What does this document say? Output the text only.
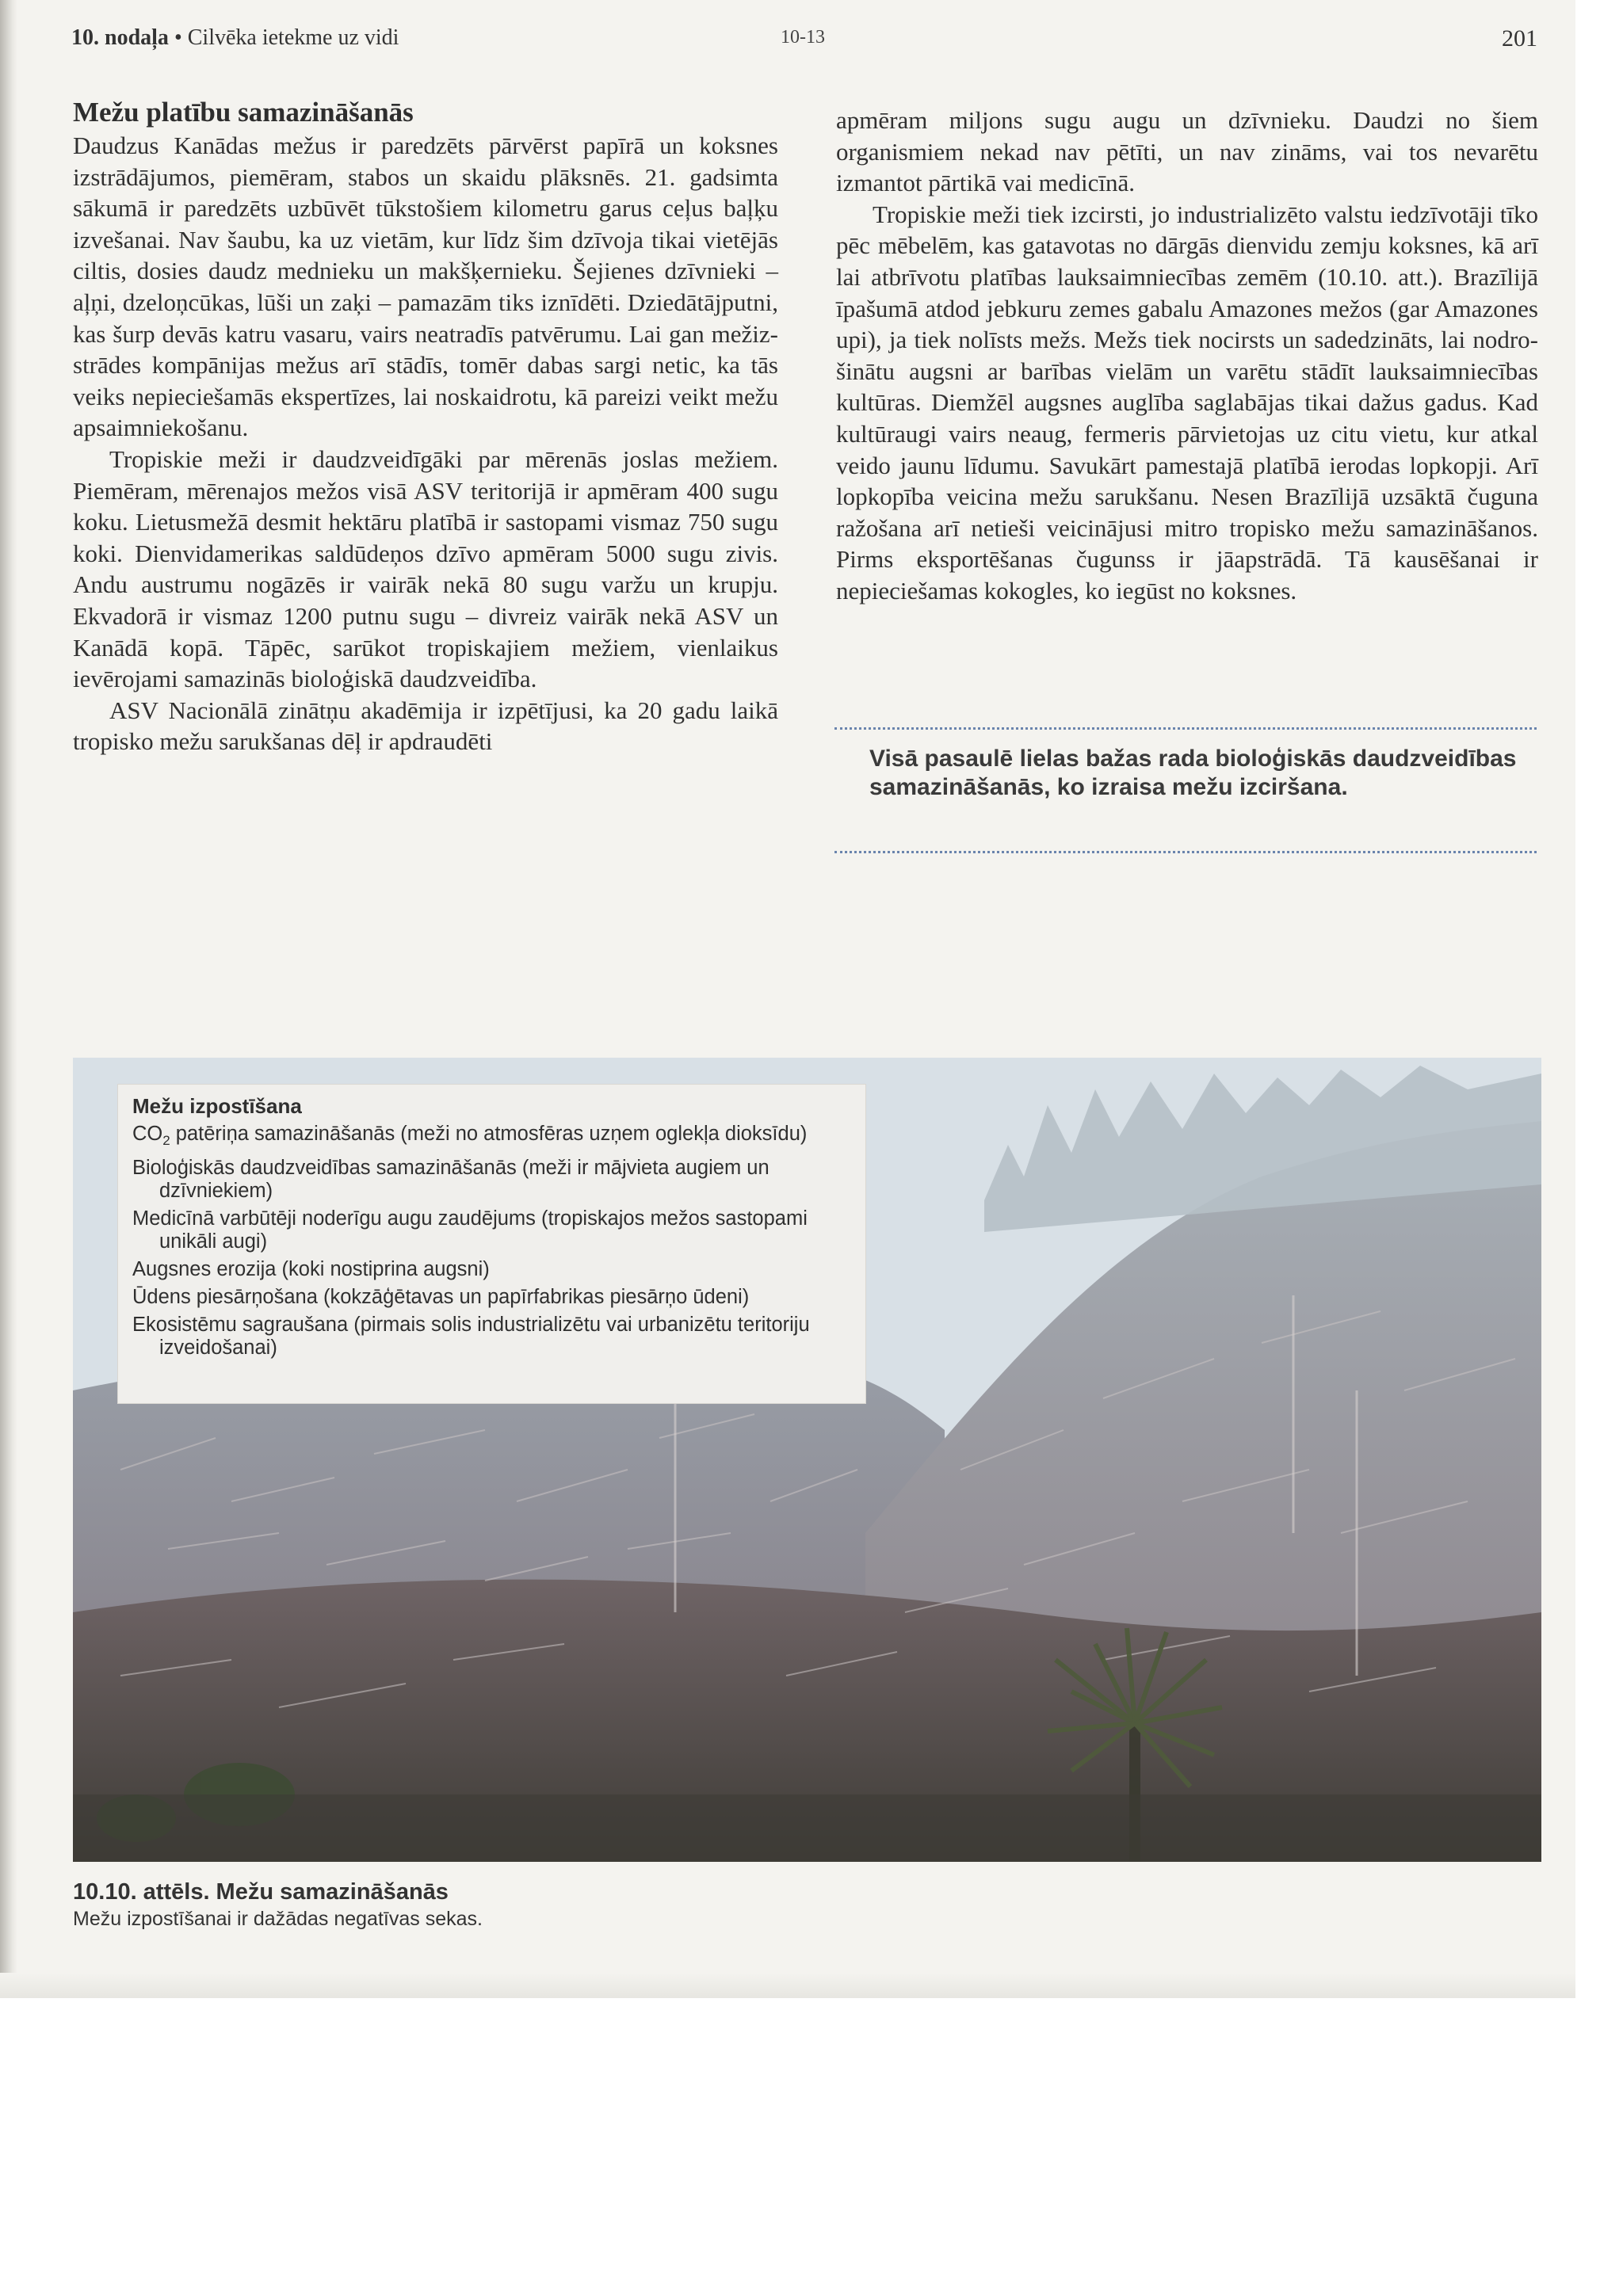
10. nodaļa • Cilvēka ietekme uz vidi	10-13	201
Mežu platību samazināšanās

Daudzus Kanādas mežus ir paredzēts pārvērst papīrā un koksnes izstrādājumos, piemēram, stabos un skaidu plāksnēs. 21. gadsimta sākumā ir paredzēts uzbūvēt tūkstošiem kilometru garus ceļus baļķu izvešanai. Nav šaubu, ka uz vietām, kur līdz šim dzīvoja tikai vietējās ciltis, dosies daudz mednieku un makšķernieku. Šejienes dzīvnieki – aļņi, dzeloņcūkas, lūši un zaķi – pamazām tiks iznīdēti. Dziedātājputni, kas šurp devās katru vasaru, vairs neatradīs patvērumu. Lai gan mežizstrādes kompānijas mežus arī stādīs, tomēr dabas sargi netic, ka tās veiks nepieciešamās ekspertīzes, lai noskaidrotu, kā pareizi veikt mežu apsaimniekošanu.

Tropiskie meži ir daudzveidīgāki par mērenās joslas mežiem. Piemēram, mērenajos mežos visā ASV teritorijā ir apmēram 400 sugu koku. Lietusmežā desmit hektāru platībā ir sastopami vismaz 750 sugu koki. Dienvidamerikas saldūdeņos dzīvo apmēram 5000 sugu zivis. Andu austrumu nogāzēs ir vairāk nekā 80 sugu varžu un krupju. Ekvadorā ir vismaz 1200 putnu sugu – divreiz vairāk nekā ASV un Kanādā kopā. Tāpēc, sarūkot tropiskajiem mežiem, vienlaikus ievērojami samazinās bioloģiskā daudzveidība.

ASV Nacionālā zinātņu akadēmija ir izpētījusi, ka 20 gadu laikā tropisko mežu sarukšanas dēļ ir apdraudēti

apmēram miljons sugu augu un dzīvnieku. Daudzi no šiem organismiem nekad nav pētīti, un nav zināms, vai tos nevarētu izmantot pārtikā vai medicīnā.

Tropiskie meži tiek izcirsti, jo industrializēto valstu iedzīvotāji tīko pēc mēbelēm, kas gatavotas no dārgās dienvidu zemju koksnes, kā arī lai atbrīvotu platības lauksaimniecības zemēm (10.10. att.). Brazīlijā īpašumā atdod jebkuru zemes gabalu Amazones mežos (gar Amazones upi), ja tiek nolīsts mežs. Mežs tiek nocirsts un sadedzināts, lai nodrošinātu augsni ar barības vielām un varētu stādīt lauksaimniecības kultūras. Diemžēl augsnes auglība saglabājas tikai dažus gadus. Kad kultūraugi vairs neaug, fermeris pārvietojas uz citu vietu, kur atkal veido jaunu līdumu. Savukārt pamestajā platībā ierodas lopkopji. Arī lopkopība veicina mežu sarukšanu. Nesen Brazīlijā uzsāktā čuguna ražošana arī netieši veicinājusi mitro tropisko mežu samazināšanos. Pirms eksportēšanas čugunss ir jāapstrādā. Tā kausēšanai ir nepieciešamas kokogles, ko iegūst no koksnes.

Visā pasaulē lielas bažas rada bioloģiskās daudzveidības samazināšanās, ko izraisa mežu izciršana.
Mežu izpostīšana
$CO_2$ patēriņa samazināšanās (meži no atmosfēras uzņem oglekļa dioksīdu)
Bioloģiskās daudzveidības samazināšanās (meži ir mājvieta augiem un dzīvniekiem)
Medicīnā varbūtēji noderīgu augu zaudējums (tropiskajos mežos sastopami unikāli augi)
Augsnes erozija (koki nostiprina augsni)
Ūdens piesārņošana (kokzāģētavas un papīrfabrikas piesārņo ūdeni)
Ekosistēmu sagraušana (pirmais solis industrializētu vai urbanizētu teritoriju izveidošanai)
10.10. attēls. Mežu samazināšanās
Mežu izpostīšanai ir dažādas negatīvas sekas.
